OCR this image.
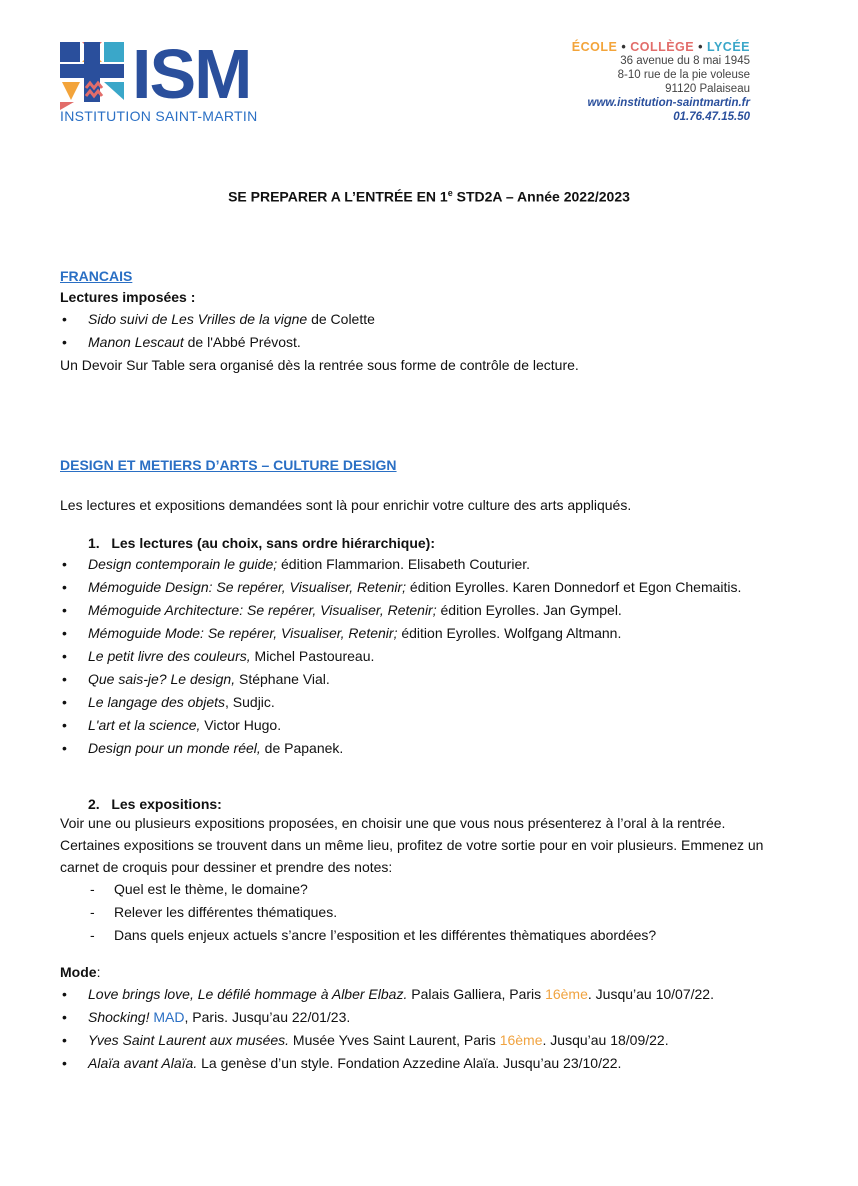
ISM
INSTITUTION SAINT-MARTIN
ÉCOLE • COLLÈGE • LYCÉE
36 avenue du 8 mai 1945
8-10 rue de la pie voleuse
91120 Palaiseau
www.institution-saintmartin.fr
01.76.47.15.50
SE PREPARER A L’ENTRÉE EN 1e STD2A – Année 2022/2023
FRANCAIS
Lectures imposées :
• Sido suivi de Les Vrilles de la vigne de Colette
• Manon Lescaut de l'Abbé Prévost.
Un Devoir Sur Table sera organisé dès la rentrée sous forme de contrôle de lecture.
DESIGN ET METIERS D’ARTS – CULTURE DESIGN
Les lectures et expositions demandées sont là pour enrichir votre culture des arts appliqués.
1.   Les lectures (au choix, sans ordre hiérarchique):
• Design contemporain le guide; édition Flammarion. Elisabeth Couturier.
• Mémoguide Design: Se repérer, Visualiser, Retenir; édition Eyrolles. Karen Donnedorf et Egon Chemaitis.
• Mémoguide Architecture: Se repérer, Visualiser, Retenir; édition Eyrolles. Jan Gympel.
• Mémoguide Mode: Se repérer, Visualiser, Retenir; édition Eyrolles. Wolfgang Altmann.
• Le petit livre des couleurs, Michel Pastoureau.
• Que sais-je? Le design, Stéphane Vial.
• Le langage des objets, Sudjic.
• L'art et la science, Victor Hugo.
• Design pour un monde réel, de Papanek.
2.   Les expositions:
Voir une ou plusieurs expositions proposées, en choisir une que vous nous présenterez à l’oral à la rentrée. Certaines expositions se trouvent dans un même lieu, profitez de votre sortie pour en voir plusieurs. Emmenez un carnet de croquis pour dessiner et prendre des notes:
- Quel est le thème, le domaine?
- Relever les différentes thématiques.
- Dans quels enjeux actuels s’ancre l’esposition et les différentes thèmatiques abordées?
Mode:
• Love brings love, Le défilé hommage à Alber Elbaz. Palais Galliera, Paris 16ème. Jusqu’au 10/07/22.
• Shocking! MAD, Paris. Jusqu’au 22/01/23.
• Yves Saint Laurent aux musées. Musée Yves Saint Laurent, Paris 16ème. Jusqu’au 18/09/22.
• Alaïa avant Alaïa. La genèse d’un style. Fondation Azzedine Alaïa. Jusqu’au 23/10/22.
